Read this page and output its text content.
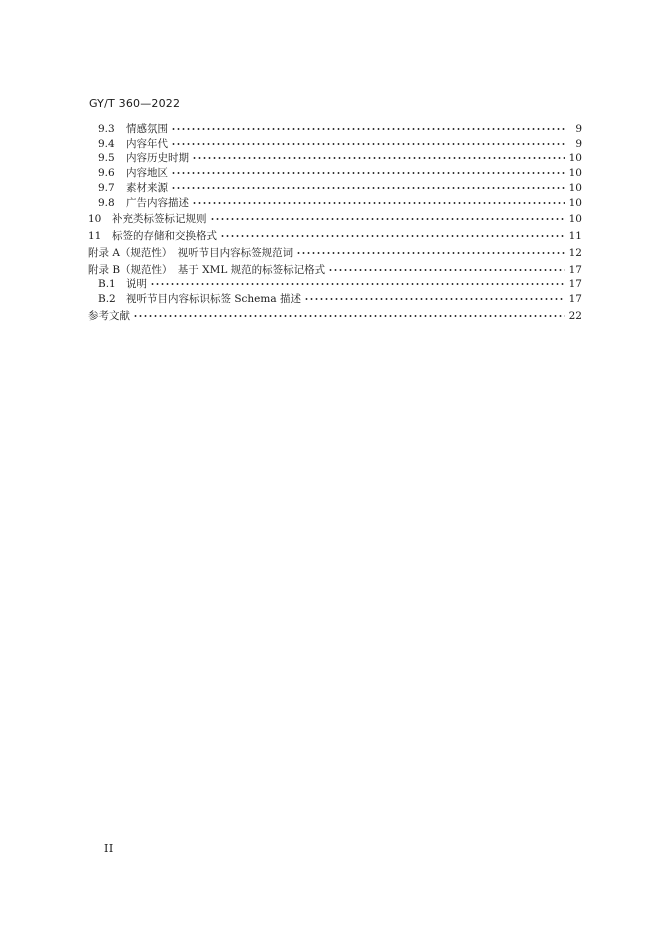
GY/T 360—2022
9.3	情感氛围	9
9.4	内容年代	9
9.5	内容历史时期	10
9.6	内容地区	10
9.7	素材来源	10
9.8	广告内容描述	10
10	补充类标签标记规则	10
11	标签的存储和交换格式	11
附录 A（规范性）　视听节目内容标签规范词	12
附录 B（规范性）　基于 XML 规范的标签标记格式	17
B.1 说明	17
B.2 视听节目内容标识标签 Schema 描述	17
参考文献	22
II
